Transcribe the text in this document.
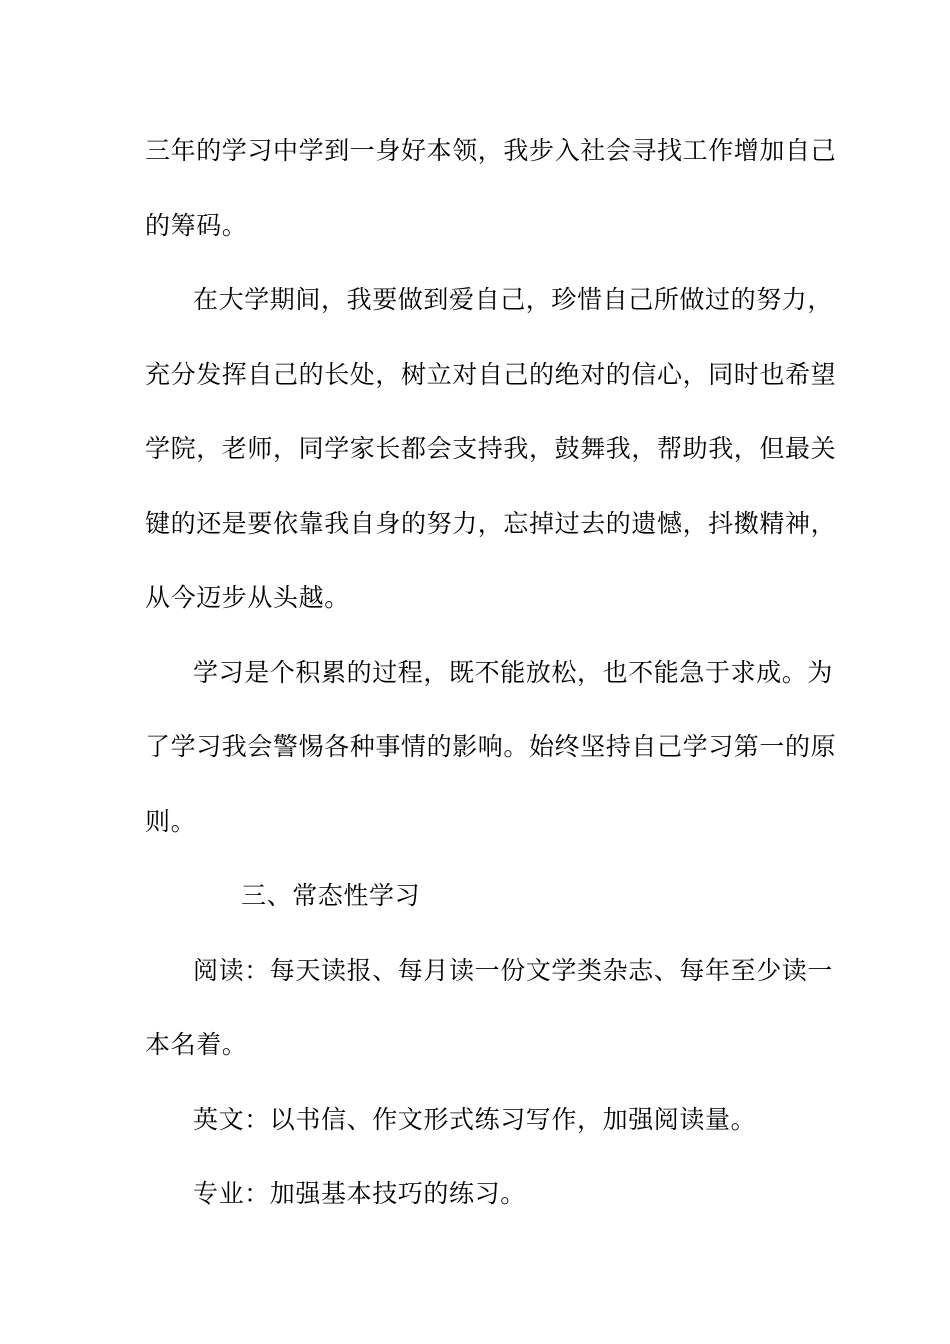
三年的学习中学到一身好本领，我步入社会寻找工作增加自己
的筹码。
在大学期间，我要做到爱自己，珍惜自己所做过的努力，
充分发挥自己的长处，树立对自己的绝对的信心，同时也希望
学院，老师，同学家长都会支持我，鼓舞我，帮助我，但最关
键的还是要依靠我自身的努力，忘掉过去的遗憾，抖擞精神，
从今迈步从头越。
学习是个积累的过程，既不能放松，也不能急于求成。为
了学习我会警惕各种事情的影响。始终坚持自己学习第一的原
则。
三、常态性学习
阅读：每天读报、每月读一份文学类杂志、每年至少读一
本名着。
英文：以书信、作文形式练习写作，加强阅读量。
专业：加强基本技巧的练习。
